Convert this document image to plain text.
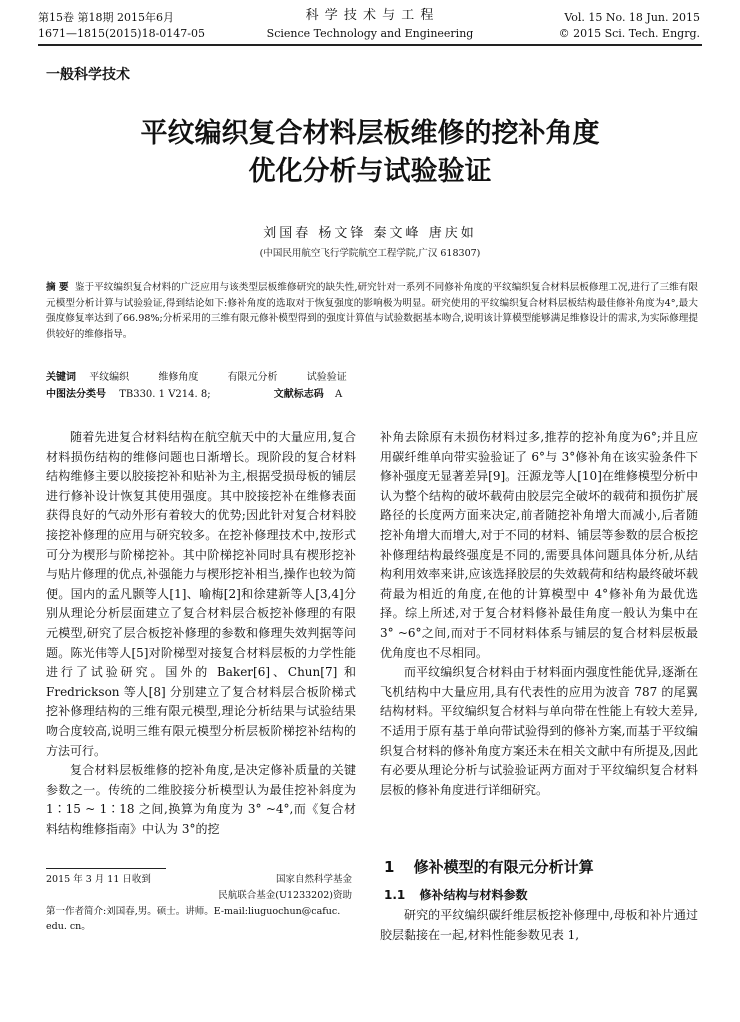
第15卷 第18期 2015年6月
1671—1815(2015)18-0147-05
科 学 技 术 与 工 程
Science Technology and Engineering
Vol. 15 No. 18 Jun. 2015
© 2015 Sci. Tech. Engrg.
一般科学技术
平纹编织复合材料层板维修的挖补角度
优化分析与试验验证
刘国春 杨文锋 秦文峰 唐庆如
(中国民用航空飞行学院航空工程学院,广汉 618307)
摘 要 鉴于平纹编织复合材料的广泛应用与该类型层板维修研究的缺失性,研究针对一系列不同修补角度的平纹编织复合材料层板修理工况,进行了三维有限元模型分析计算与试验验证,得到结论如下:修补角度的选取对于恢复强度的影响极为明显。研究使用的平纹编织复合材料层板结构最佳修补角度为4°,最大强度修复率达到了66.98%;分析采用的三维有限元修补模型得到的强度计算值与试验数据基本吻合,说明该计算模型能够满足维修设计的需求,为实际修理提供较好的维修指导。
关键词 平纹编织	维修角度	有限元分析	试验验证
中图法分类号 TB330. 1 V214. 8;	文献标志码 A

随着先进复合材料结构在航空航天中的大量应用,复合材料损伤结构的维修问题也日渐增长。现阶段的复合材料结构维修主要以胶接挖补和贴补为主,根据受损母板的铺层进行修补设计恢复其使用强度。其中胶接挖补在维修表面获得良好的气动外形有着较大的优势;因此针对复合材料胶接挖补修理的应用与研究较多。在挖补修理技术中,按形式可分为楔形与阶梯挖补。其中阶梯挖补同时具有楔形挖补与贴片修理的优点,补强能力与楔形挖补相当,操作也较为简便。国内的孟凡颢等人[1]、喻梅[2]和徐建新等人[3,4]分别从理论分析层面建立了复合材料层合板挖补修理的有限元模型,研究了层合板挖补修理的参数和修理失效判据等问题。陈光伟等人[5]对阶梯型对接复合材料层板的力学性能进行了试验研究。国外的 Baker[6]、Chun[7] 和 Fredrickson 等人[8] 分别建立了复合材料层合板阶梯式挖补修理结构的三维有限元模型,理论分析结果与试验结果吻合度较高,说明三维有限元模型分析层板阶梯挖补结构的方法可行。

复合材料层板维修的挖补角度,是决定修补质量的关键参数之一。传统的二维胶接分析模型认为最佳挖补斜度为 1∶15 ~ 1∶18 之间,换算为角度为 3° ~4°,而《复合材料结构维修指南》中认为 3°的挖

2015 年 3 月 11 日收到	国家自然科学基金
民航联合基金(U1233202)资助
第一作者简介:刘国春,男。硕士。讲师。E-mail:liuguochun@cafuc. edu. cn。

补角去除原有未损伤材料过多,推荐的挖补角度为6°;并且应用碳纤维单向带实验验证了 6°与 3°修补角在该实验条件下修补强度无显著差异[9]。汪源龙等人[10]在维修模型分析中认为整个结构的破坏载荷由胶层完全破坏的载荷和损伤扩展路径的长度两方面来决定,前者随挖补角增大而减小,后者随挖补角增大而增大,对于不同的材料、铺层等参数的层合板挖补修理结构最终强度是不同的,需要具体问题具体分析,从结构利用效率来讲,应该选择胶层的失效载荷和结构最终破坏载荷最为相近的角度,在他的计算模型中 4°修补角为最优选择。综上所述,对于复合材料修补最佳角度一般认为集中在 3° ~6°之间,而对于不同材料体系与铺层的复合材料层板最优角度也不尽相同。

而平纹编织复合材料由于材料面内强度性能优异,逐渐在飞机结构中大量应用,具有代表性的应用为波音 787 的尾翼结构材料。平纹编织复合材料与单向带在性能上有较大差异,不适用于原有基于单向带试验得到的修补方案,而基于平纹编织复合材料的修补角度方案还未在相关文献中有所提及,因此有必要从理论分析与试验验证两方面对于平纹编织复合材料层板的修补角度进行详细研究。

1 修补模型的有限元分析计算
1.1 修补结构与材料参数

研究的平纹编织碳纤维层板挖补修理中,母板和补片通过胶层黏接在一起,材料性能参数见表 1,
